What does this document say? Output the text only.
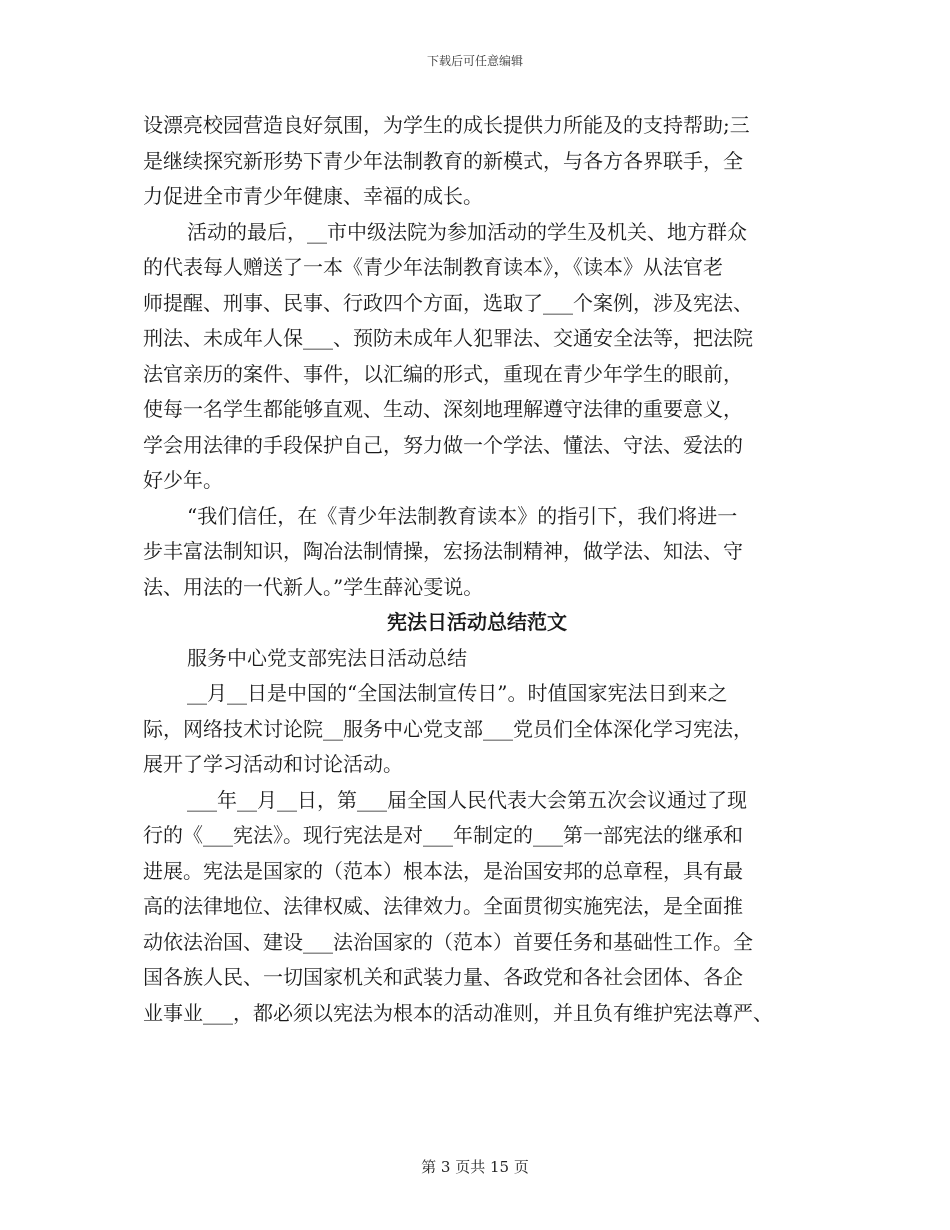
下载后可任意编辑
设漂亮校园营造良好氛围，为学生的成长提供力所能及的支持帮助;三
是继续探究新形势下青少年法制教育的新模式，与各方各界联手，全
力促进全市青少年健康、幸福的成长。
活动的最后，__市中级法院为参加活动的学生及机关、地方群众
的代表每人赠送了一本《青少年法制教育读本》，《读本》从法官老
师提醒、刑事、民事、行政四个方面，选取了___个案例，涉及宪法、
刑法、未成年人保___、预防未成年人犯罪法、交通安全法等，把法院
法官亲历的案件、事件，以汇编的形式，重现在青少年学生的眼前，
使每一名学生都能够直观、生动、深刻地理解遵守法律的重要意义，
学会用法律的手段保护自己，努力做一个学法、懂法、守法、爱法的
好少年。
“我们信任，在《青少年法制教育读本》的指引下，我们将进一
步丰富法制知识，陶冶法制情操，宏扬法制精神，做学法、知法、守
法、用法的一代新人。”学生薛沁雯说。
宪法日活动总结范文
服务中心党支部宪法日活动总结
__月__日是中国的“全国法制宣传日”。时值国家宪法日到来之
际，网络技术讨论院__服务中心党支部___党员们全体深化学习宪法，
展开了学习活动和讨论活动。
___年__月__日，第___届全国人民代表大会第五次会议通过了现
行的《___宪法》。现行宪法是对___年制定的___第一部宪法的继承和
进展。宪法是国家的（范本）根本法，是治国安邦的总章程，具有最
高的法律地位、法律权威、法律效力。全面贯彻实施宪法，是全面推
动依法治国、建设___法治国家的（范本）首要任务和基础性工作。全
国各族人民、一切国家机关和武装力量、各政党和各社会团体、各企
业事业___，都必须以宪法为根本的活动准则，并且负有维护宪法尊严、
第 3 页共 15 页
